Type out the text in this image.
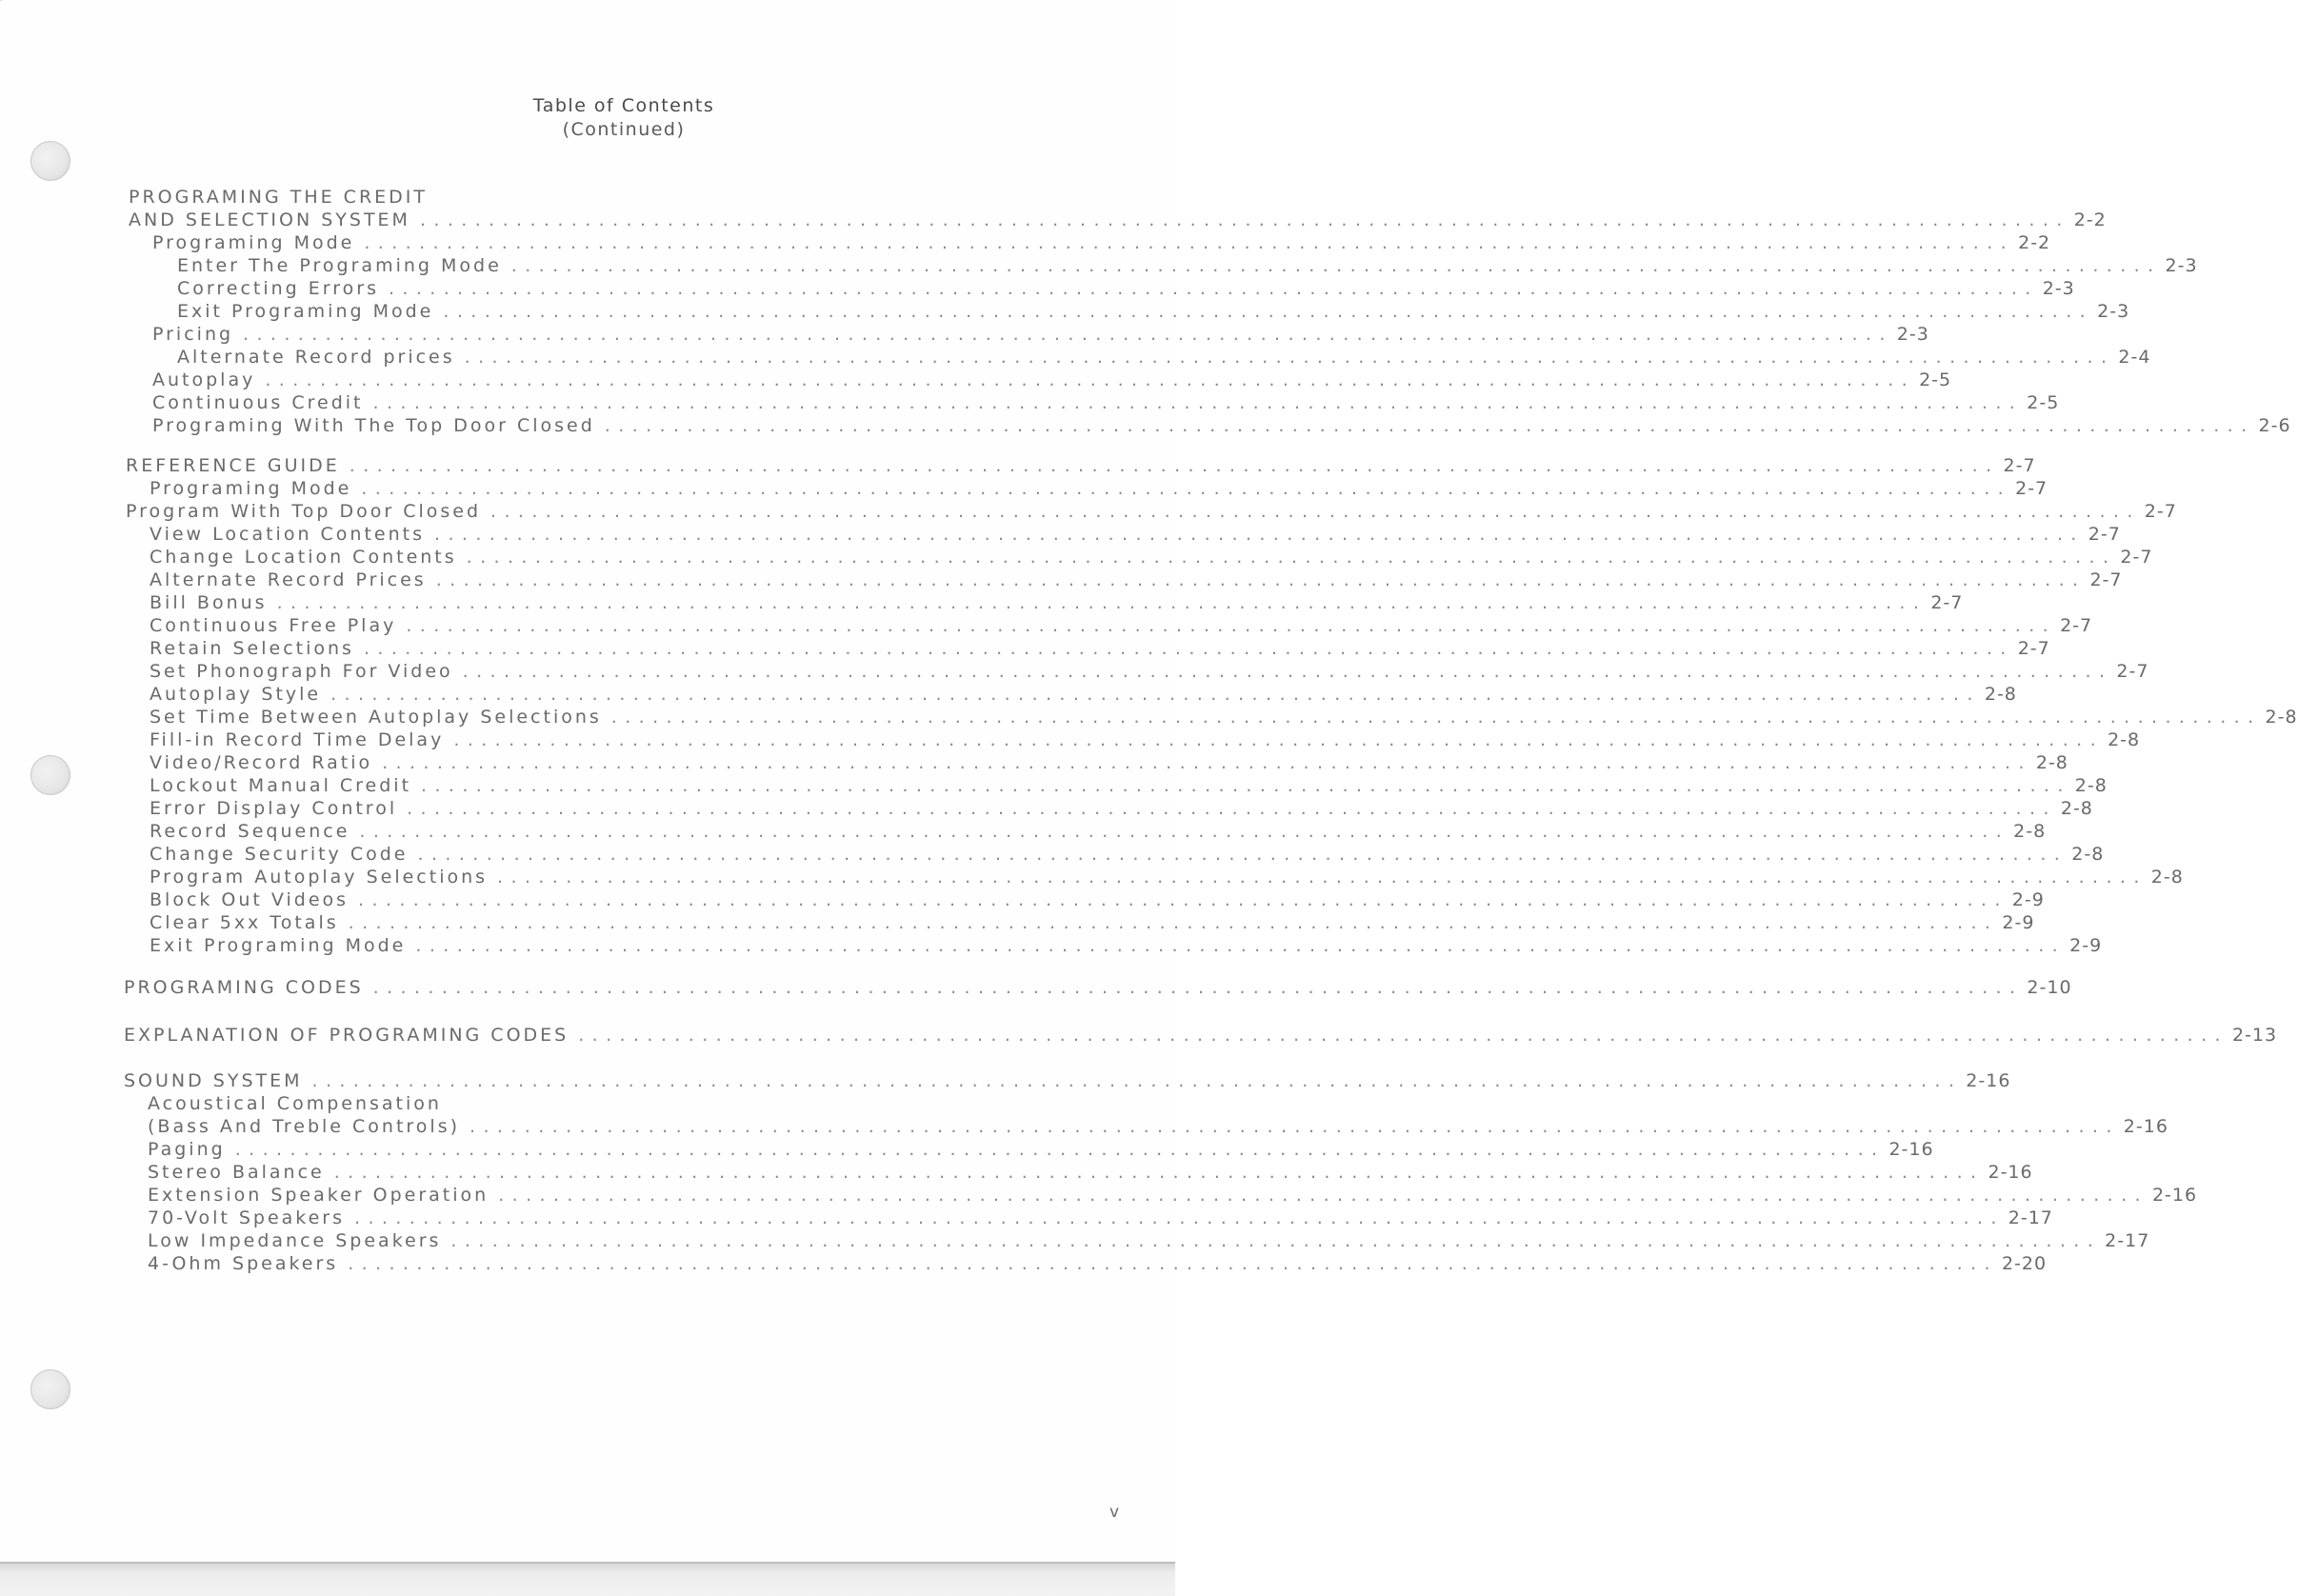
Table of Contents
(Continued)
PROGRAMING THE CREDIT
AND SELECTION SYSTEM ........................................................................................................................ 2-2
Programing Mode ........................................................................................................................ 2-2
Enter The Programing Mode ........................................................................................................................ 2-3
Correcting Errors ........................................................................................................................ 2-3
Exit Programing Mode ........................................................................................................................ 2-3
Pricing ........................................................................................................................ 2-3
Alternate Record prices ........................................................................................................................ 2-4
Autoplay ........................................................................................................................ 2-5
Continuous Credit ........................................................................................................................ 2-5
Programing With The Top Door Closed ........................................................................................................................ 2-6
REFERENCE GUIDE ........................................................................................................................ 2-7
Programing Mode ........................................................................................................................ 2-7
Program With Top Door Closed ........................................................................................................................ 2-7
View Location Contents ........................................................................................................................ 2-7
Change Location Contents ........................................................................................................................ 2-7
Alternate Record Prices ........................................................................................................................ 2-7
Bill Bonus ........................................................................................................................ 2-7
Continuous Free Play ........................................................................................................................ 2-7
Retain Selections ........................................................................................................................ 2-7
Set Phonograph For Video ........................................................................................................................ 2-7
Autoplay Style ........................................................................................................................ 2-8
Set Time Between Autoplay Selections ........................................................................................................................ 2-8
Fill-in Record Time Delay ........................................................................................................................ 2-8
Video/Record Ratio ........................................................................................................................ 2-8
Lockout Manual Credit ........................................................................................................................ 2-8
Error Display Control ........................................................................................................................ 2-8
Record Sequence ........................................................................................................................ 2-8
Change Security Code ........................................................................................................................ 2-8
Program Autoplay Selections ........................................................................................................................ 2-8
Block Out Videos ........................................................................................................................ 2-9
Clear 5xx Totals ........................................................................................................................ 2-9
Exit Programing Mode ........................................................................................................................ 2-9
PROGRAMING CODES ........................................................................................................................ 2-10
EXPLANATION OF PROGRAMING CODES ........................................................................................................................ 2-13
SOUND SYSTEM ........................................................................................................................ 2-16
Acoustical Compensation
(Bass And Treble Controls) ........................................................................................................................ 2-16
Paging ........................................................................................................................ 2-16
Stereo Balance ........................................................................................................................ 2-16
Extension Speaker Operation ........................................................................................................................ 2-16
70-Volt Speakers ........................................................................................................................ 2-17
Low Impedance Speakers ........................................................................................................................ 2-17
4-Ohm Speakers ........................................................................................................................ 2-20
v
